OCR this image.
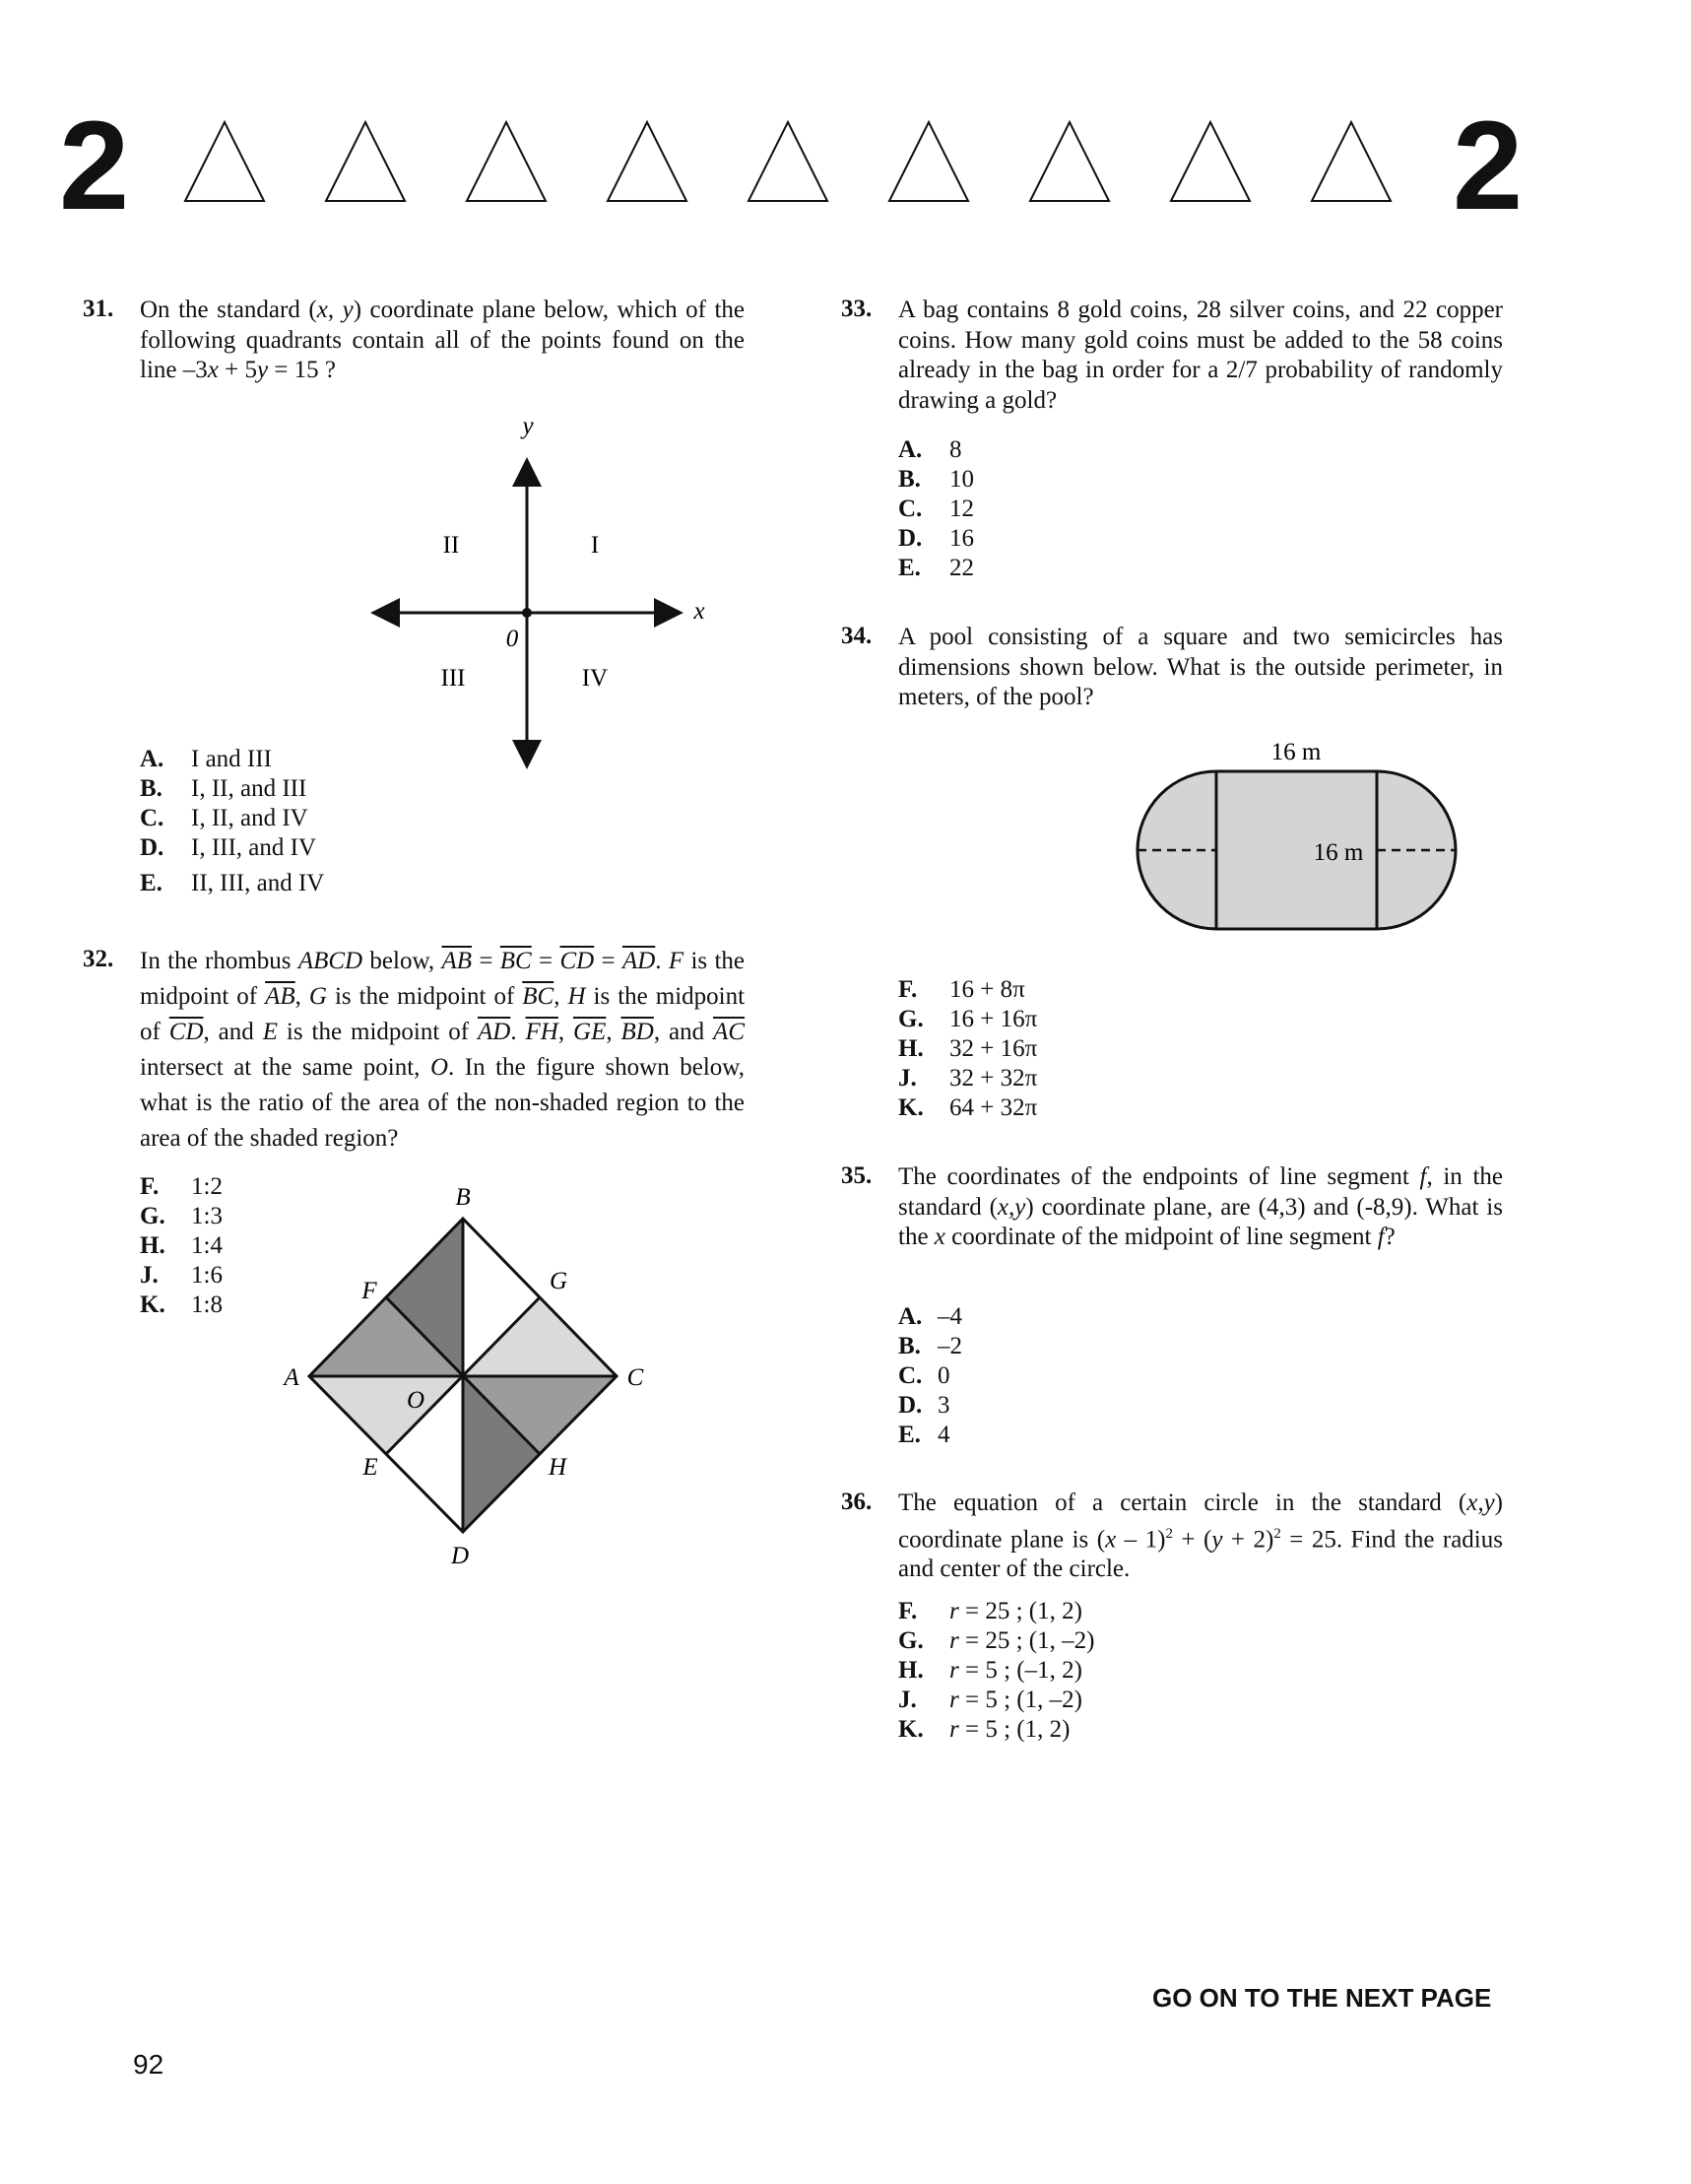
2	2
31. On the standard (x, y) coordinate plane below, which of the following quadrants contain all of the points found on the line –3x + 5y = 15 ?
y
x
0
I
II
III	IV
A. I and III
B. I, II, and III
C. I, II, and IV
D. I, III, and IV
E. II, III, and IV
32. In the rhombus ABCD below, $\overline{AB} = \overline{BC} = \overline{CD} = \overline{AD}$. F is the midpoint of $\overline{AB}$, G is the midpoint of $\overline{BC}$, H is the midpoint of $\overline{CD}$, and E is the midpoint of $\overline{AD}$. $\overline{FH}$, $\overline{GE}$, $\overline{BD}$, and $\overline{AC}$ intersect at the same point, O. In the figure shown below, what is the ratio of the area of the non-shaded region to the area of the shaded region?
F. 1:2
G. 1:3
H. 1:4
J. 1:6
K. 1:8
B
G
F
A	C
O
E	H
D
33. A bag contains 8 gold coins, 28 silver coins, and 22 copper coins. How many gold coins must be added to the 58 coins already in the bag in order for a 2/7 probability of randomly drawing a gold?
A. 8
B. 10
C. 12
D. 16
E. 22
34. A pool consisting of a square and two semicircles has dimensions shown below. What is the outside perimeter, in meters, of the pool?
16 m
16 m
F. 16 + 8π
G. 16 + 16π
H. 32 + 16π
J. 32 + 32π
K. 64 + 32π
35. The coordinates of the endpoints of line segment f, in the standard (x,y) coordinate plane, are (4,3) and (-8,9). What is the x coordinate of the midpoint of line segment f?
A. –4
B. –2
C. 0
D. 3
E. 4
36. The equation of a certain circle in the standard (x,y) coordinate plane is $(x - 1)^2 + (y + 2)^2 = 25$. Find the radius and center of the circle.
F. r = 25 ; (1, 2)
G. r = 25 ; (1, –2)
H. r = 5 ; (–1, 2)
J. r = 5 ; (1, –2)
K. r = 5 ; (1, 2)
GO ON TO THE NEXT PAGE
92
